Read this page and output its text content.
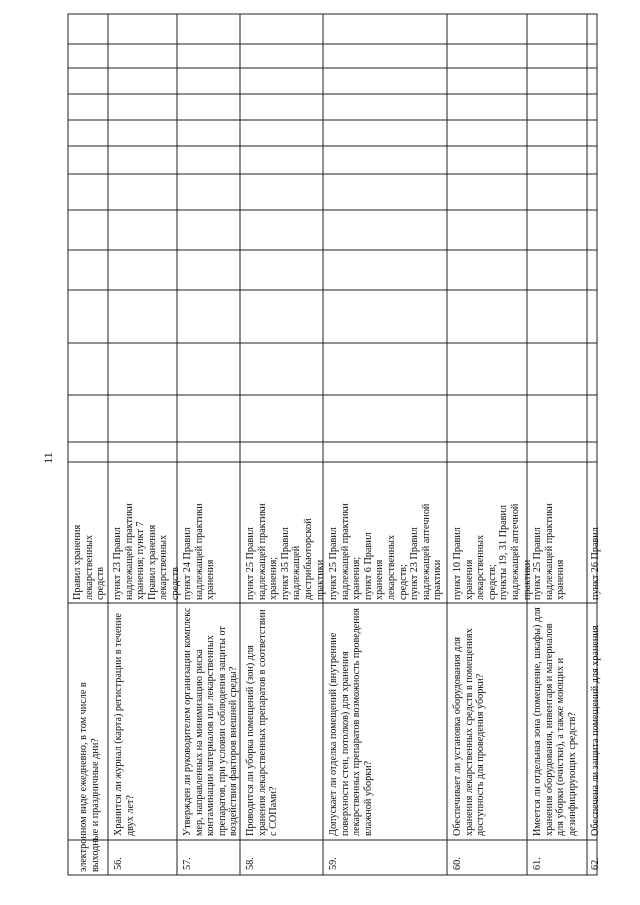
11
электронном виде ежедневно, в том числе в выходные и праздничные дни?
Правил хранения
лекарственных
средств
56.
Хранится ли журнал (карта) регистрации в течение двух лет?
пункт 23 Правил
надлежащей практики
хранения; пункт 7
Правил хранения
лекарственных
средств
57.
Утвержден ли руководителем организации комплекс мер, направленных на минимизацию риска контаминации материалов или лекарственных препаратов, при условии соблюдения защиты от воздействия факторов внешней среды?
пункт 24 Правил
надлежащей практики
хранения
58.
Проводится ли уборка помещений (зон) для хранения лекарственных препаратов в соответствии с СОПами?
пункт 25 Правил
надлежащей практики
хранения;
пункт 35 Правил
надлежащей
дистрибьюторской
практики
59.
Допускает ли отделка помещений (внутренние поверхности стен, потолков) для хранения лекарственных препаратов возможность проведения влажной уборки?
пункт 25 Правил
надлежащей практики
хранения;
пункт 6 Правил
хранения
лекарственных
средств;
пункт 23 Правил
надлежащей аптечной
практики
60.
Обеспечивает ли установка оборудования для хранения лекарственных средств в помещениях доступность для проведения уборки?
пункт 10 Правил
хранения
лекарственных
средств;
пункты 19, 31 Правил
надлежащей аптечной
практики
61.
Имеется ли отдельная зона (помещение, шкафы) для хранения оборудования, инвентаря и материалов для уборки (очистки), а также моющих и дезинфицирующих средств?
пункт 25 Правил
надлежащей практики
хранения
62.
Обеспечена ли защита помещений для хранения
пункт 26 Правил
